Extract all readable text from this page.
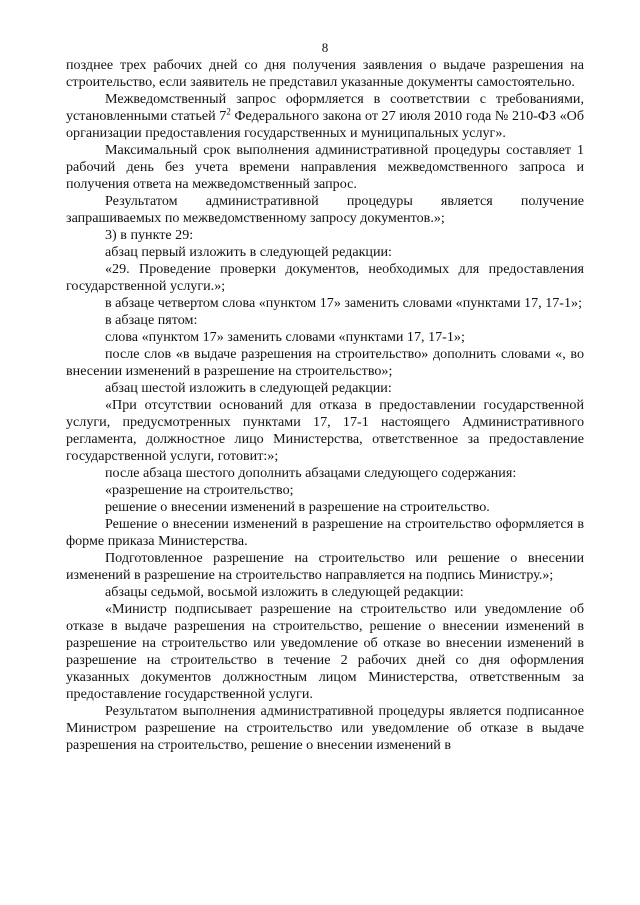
8

позднее трех рабочих дней со дня получения заявления о выдаче разрешения на строительство, если заявитель не представил указанные документы самостоятельно.

Межведомственный запрос оформляется в соответствии с требованиями, установленными статьей $7^2$ Федерального закона от 27 июля 2010 года № 210-ФЗ «Об организации предоставления государственных и муниципальных услуг».

Максимальный срок выполнения административной процедуры составляет 1 рабочий день без учета времени направления межведомственного запроса и получения ответа на межведомственный запрос.

Результатом административной процедуры является получение запрашиваемых по межведомственному запросу документов.»;

3) в пункте 29:

абзац первый изложить в следующей редакции:

«29. Проведение проверки документов, необходимых для предоставления государственной услуги.»;

в абзаце четвертом слова «пунктом 17» заменить словами «пунктами 17, 17-1»;

в абзаце пятом:

слова «пунктом 17» заменить словами «пунктами 17, 17-1»;

после слов «в выдаче разрешения на строительство» дополнить словами «, во внесении изменений в разрешение на строительство»;

абзац шестой изложить в следующей редакции:

«При отсутствии оснований для отказа в предоставлении государственной услуги, предусмотренных пунктами 17, 17-1 настоящего Административного регламента, должностное лицо Министерства, ответственное за предоставление государственной услуги, готовит:»;

после абзаца шестого дополнить абзацами следующего содержания:

«разрешение на строительство;

решение о внесении изменений в разрешение на строительство.

Решение о внесении изменений в разрешение на строительство оформляется в форме приказа Министерства.

Подготовленное разрешение на строительство или решение о внесении изменений в разрешение на строительство направляется на подпись Министру.»;

абзацы седьмой, восьмой изложить в следующей редакции:

«Министр подписывает разрешение на строительство или уведомление об отказе в выдаче разрешения на строительство, решение о внесении изменений в разрешение на строительство или уведомление об отказе во внесении изменений в разрешение на строительство в течение 2 рабочих дней со дня оформления указанных документов должностным лицом Министерства, ответственным за предоставление государственной услуги.

Результатом выполнения административной процедуры является подписанное Министром разрешение на строительство или уведомление об отказе в выдаче разрешения на строительство, решение о внесении изменений в
